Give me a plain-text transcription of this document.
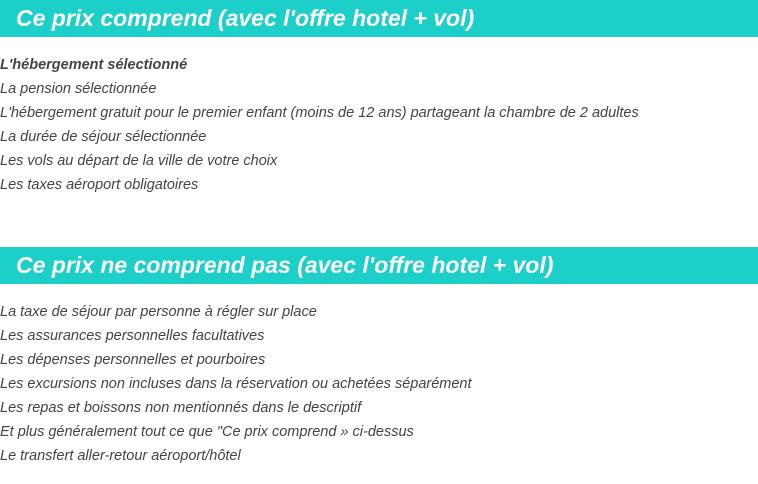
Ce prix comprend (avec l'offre hotel + vol)
L'hébergement sélectionné
La pension sélectionnée
L'hébergement gratuit pour le premier enfant (moins de 12 ans) partageant la chambre de 2 adultes
La durée de séjour sélectionnée
Les vols au départ de la ville de votre choix
Les taxes aéroport obligatoires
Ce prix ne comprend pas (avec l'offre hotel + vol)
La taxe de séjour par personne à régler sur place
Les assurances personnelles facultatives
Les dépenses personnelles et pourboires
Les excursions non incluses dans la réservation ou achetées séparément
Les repas et boissons non mentionnés dans le descriptif
Et plus généralement tout ce que "Ce prix comprend » ci-dessus
Le transfert aller-retour aéroport/hôtel
